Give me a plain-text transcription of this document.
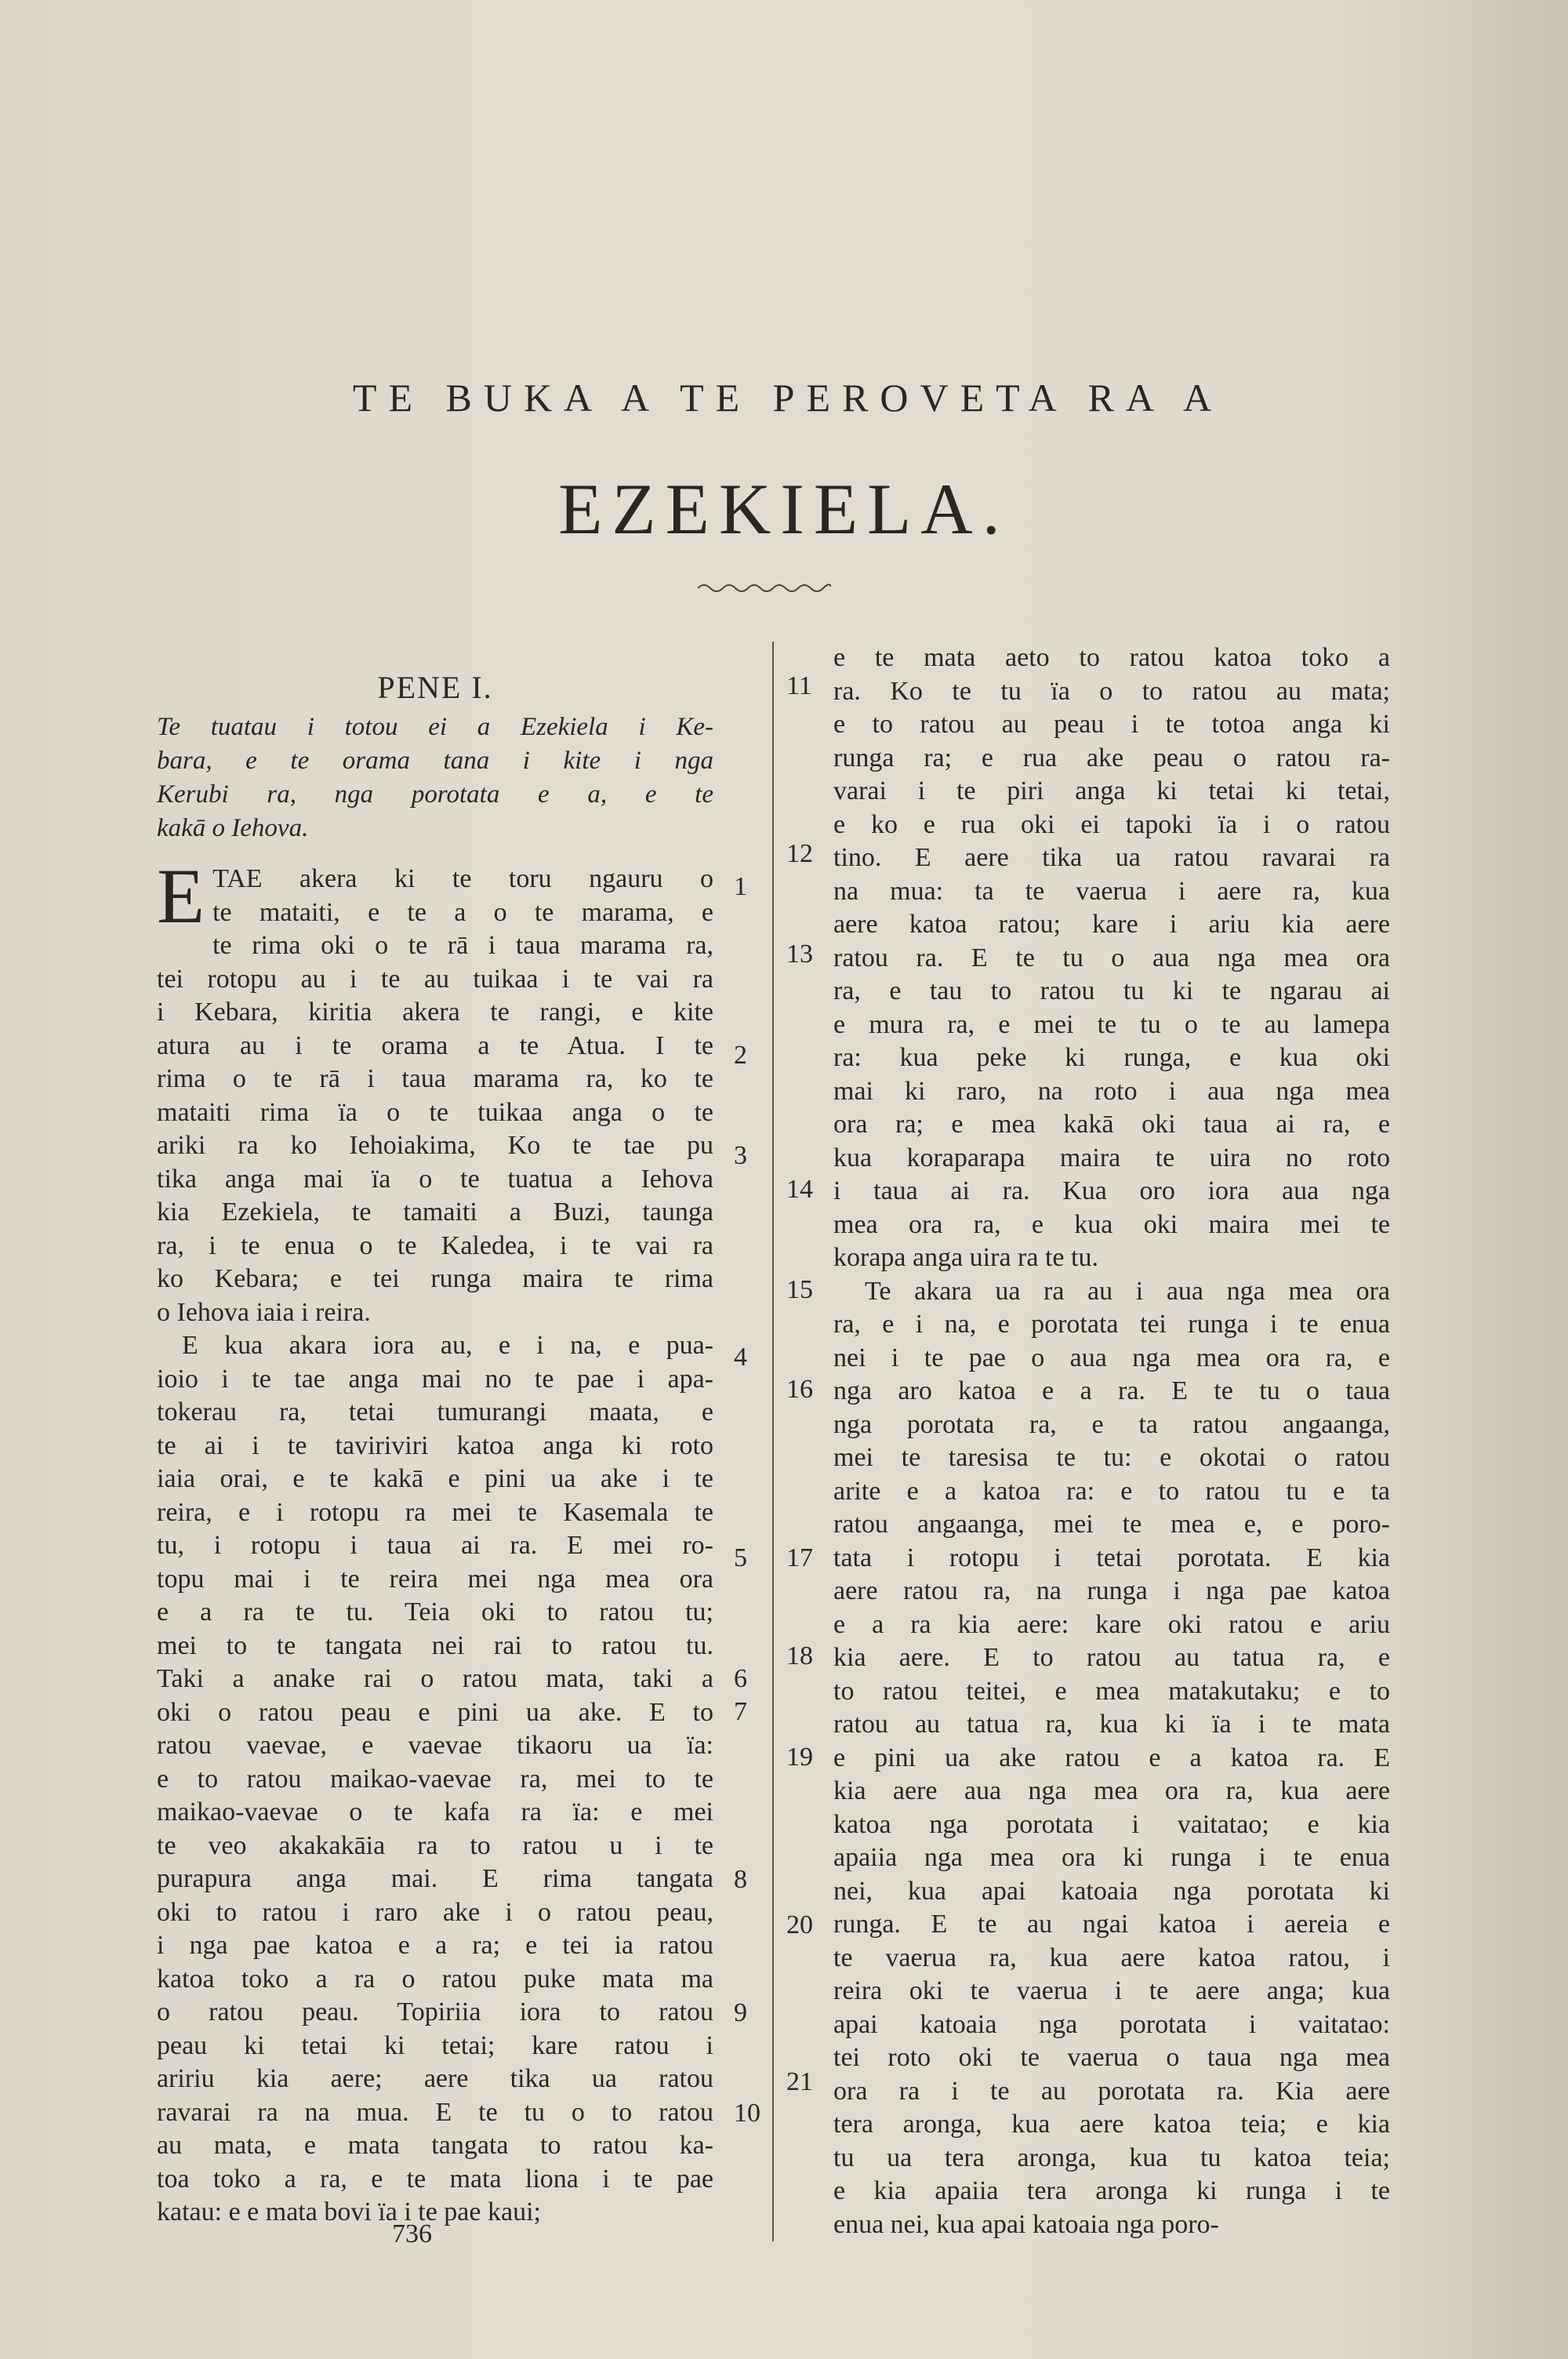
TE BUKA A TE PEROVETA RA A
EZEKIELA.
PENE I.
Te tuatau i totou ei a Ezekiela i Ke-
bara, e te orama tana i kite i nga
Kerubi ra, nga porotata e a, e te
kakā o Iehova.
E TAE akera ki te toru ngauru o
te mataiti, e te a o te marama, e
te rima oki o te rā i taua marama ra,
tei rotopu au i te au tuikaa i te vai ra
i Kebara, kiritia akera te rangi, e kite
atura au i te orama a te Atua. I te
rima o te rā i taua marama ra, ko te
mataiti rima ïa o te tuikaa anga o te
ariki ra ko Iehoiakima, Ko te tae pu
tika anga mai ïa o te tuatua a Iehova
kia Ezekiela, te tamaiti a Buzi, taunga
ra, i te enua o te Kaledea, i te vai ra
ko Kebara; e tei runga maira te rima
o Iehova iaia i reira.
E kua akara iora au, e i na, e pua-
ioio i te tae anga mai no te pae i apa-
tokerau ra, tetai tumurangi maata, e
te ai i te taviriviri katoa anga ki roto
iaia orai, e te kakā e pini ua ake i te
reira, e i rotopu ra mei te Kasemala te
tu, i rotopu i taua ai ra. E mei ro-
topu mai i te reira mei nga mea ora
e a ra te tu. Teia oki to ratou tu;
mei to te tangata nei rai to ratou tu.
Taki a anake rai o ratou mata, taki a
oki o ratou peau e pini ua ake. E to
ratou vaevae, e vaevae tikaoru ua ïa:
e to ratou maikao-vaevae ra, mei to te
maikao-vaevae o te kafa ra ïa: e mei
te veo akakakāia ra to ratou u i te
purapura anga mai. E rima tangata
oki to ratou i raro ake i o ratou peau,
i nga pae katoa e a ra; e tei ia ratou
katoa toko a ra o ratou puke mata ma
o ratou peau. Topiriia iora to ratou
peau ki tetai ki tetai; kare ratou i
aririu kia aere; aere tika ua ratou
ravarai ra na mua. E te tu o to ratou
au mata, e mata tangata to ratou ka-
toa toko a ra, e te mata liona i te pae
katau: e e mata bovi ïa i te pae kaui;
e te mata aeto to ratou katoa toko a
ra. Ko te tu ïa o to ratou au mata;
e to ratou au peau i te totoa anga ki
runga ra; e rua ake peau o ratou ra-
varai i te piri anga ki tetai ki tetai,
e ko e rua oki ei tapoki ïa i o ratou
tino. E aere tika ua ratou ravarai ra
na mua: ta te vaerua i aere ra, kua
aere katoa ratou; kare i ariu kia aere
ratou ra. E te tu o aua nga mea ora
ra, e tau to ratou tu ki te ngarau ai
e mura ra, e mei te tu o te au lamepa
ra: kua peke ki runga, e kua oki
mai ki raro, na roto i aua nga mea
ora ra; e mea kakā oki taua ai ra, e
kua koraparapa maira te uira no roto
i taua ai ra. Kua oro iora aua nga
mea ora ra, e kua oki maira mei te
korapa anga uira ra te tu.
Te akara ua ra au i aua nga mea ora
ra, e i na, e porotata tei runga i te enua
nei i te pae o aua nga mea ora ra, e
nga aro katoa e a ra. E te tu o taua
nga porotata ra, e ta ratou angaanga,
mei te taresisa te tu: e okotai o ratou
arite e a katoa ra: e to ratou tu e ta
ratou angaanga, mei te mea e, e poro-
tata i rotopu i tetai porotata. E kia
aere ratou ra, na runga i nga pae katoa
e a ra kia aere: kare oki ratou e ariu
kia aere. E to ratou au tatua ra, e
to ratou teitei, e mea matakutaku; e to
ratou au tatua ra, kua ki ïa i te mata
e pini ua ake ratou e a katoa ra. E
kia aere aua nga mea ora ra, kua aere
katoa nga porotata i vaitatao; e kia
apaiia nga mea ora ki runga i te enua
nei, kua apai katoaia nga porotata ki
runga. E te au ngai katoa i aereia e
te vaerua ra, kua aere katoa ratou, i
reira oki te vaerua i te aere anga; kua
apai katoaia nga porotata i vaitatao:
tei roto oki te vaerua o taua nga mea
ora ra i te au porotata ra. Kia aere
tera aronga, kua aere katoa teia; e kia
tu ua tera aronga, kua tu katoa teia;
e kia apaiia tera aronga ki runga i te
enua nei, kua apai katoaia nga poro-
1
2
3
4
5
6
7
8
9
10
11
12
13
14
15
16
17
18
19
20
21
736
